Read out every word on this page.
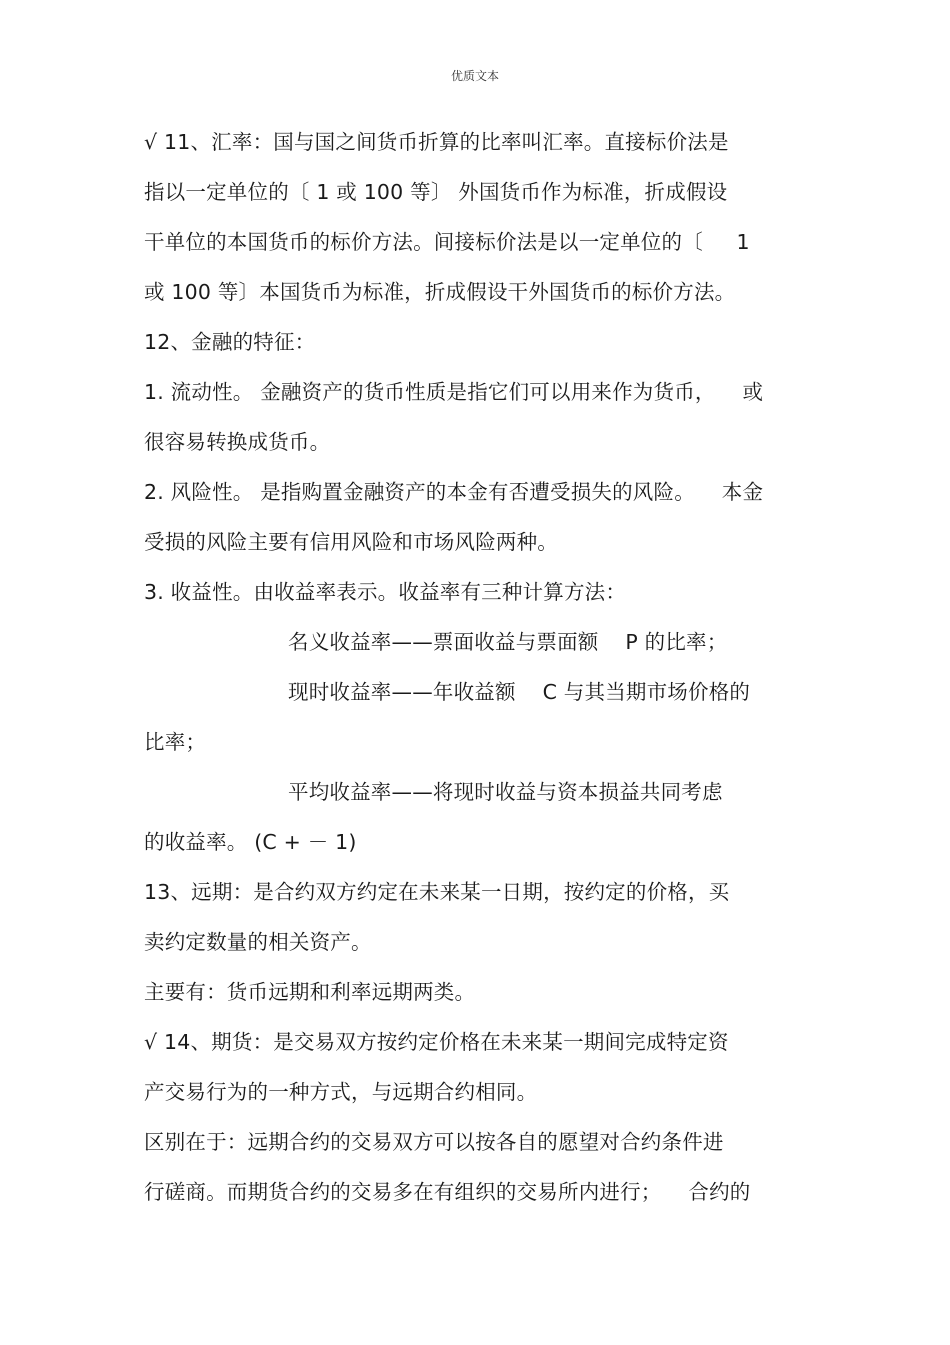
优质文本
√ 11、汇率：国与国之间货币折算的比率叫汇率。直接标价法是
指以一定单位的〔 1 或 100 等〕 外国货币作为标准，折成假设
干单位的本国货币的标价方法。间接标价法是以一定单位的〔     1
或 100 等〕本国货币为标准，折成假设干外国货币的标价方法。
12、金融的特征：
1. 流动性。 金融资产的货币性质是指它们可以用来作为货币，    或
很容易转换成货币。
2. 风险性。 是指购置金融资产的本金有否遭受损失的风险。    本金
受损的风险主要有信用风险和市场风险两种。
3. 收益性。由收益率表示。收益率有三种计算方法：
名义收益率——票面收益与票面额    P 的比率；
现时收益率——年收益额    C 与其当期市场价格的
比率；
平均收益率——将现时收益与资本损益共同考虑
的收益率。 (C + － 1)
13、远期：是合约双方约定在未来某一日期，按约定的价格，买
卖约定数量的相关资产。
主要有：货币远期和利率远期两类。
√ 14、期货：是交易双方按约定价格在未来某一期间完成特定资
产交易行为的一种方式，与远期合约相同。
区别在于：远期合约的交易双方可以按各自的愿望对合约条件进
行磋商。而期货合约的交易多在有组织的交易所内进行；    合约的
